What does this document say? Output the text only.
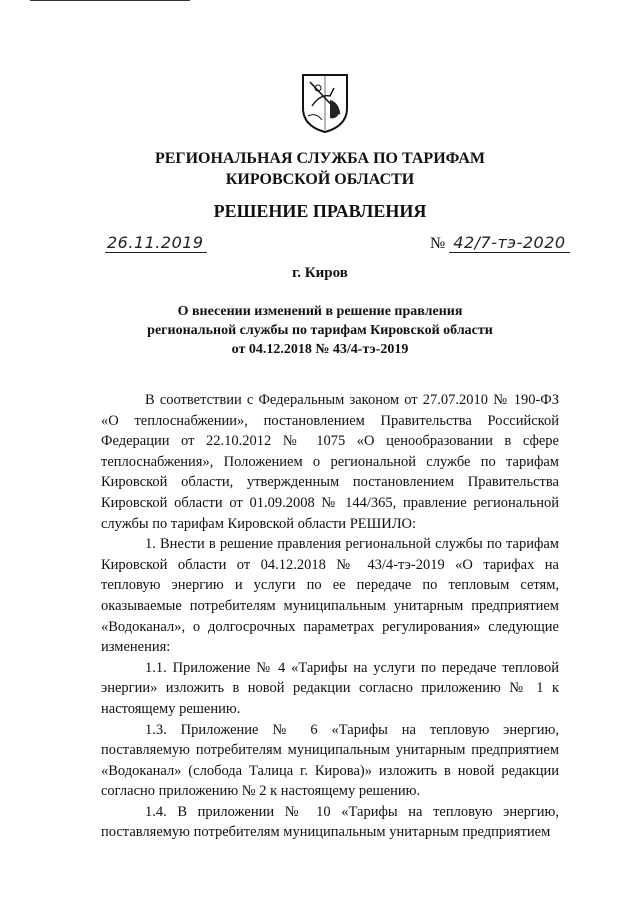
РЕГИОНАЛЬНАЯ СЛУЖБА ПО ТАРИФАМ
КИРОВСКОЙ ОБЛАСТИ
РЕШЕНИЕ ПРАВЛЕНИЯ
26.11.2019	№ 42/7-тэ-2020
г. Киров
О внесении изменений в решение правления
региональной службы по тарифам Кировской области
от 04.12.2018 № 43/4-тэ-2019

В соответствии с Федеральным законом от 27.07.2010 № 190-ФЗ «О теплоснабжении», постановлением Правительства Российской Федерации от 22.10.2012 № 1075 «О ценообразовании в сфере теплоснабжения», Положением о региональной службе по тарифам Кировской области, утвержденным постановлением Правительства Кировской области от 01.09.2008 № 144/365, правление региональной службы по тарифам Кировской области РЕШИЛО:

1. Внести в решение правления региональной службы по тарифам Кировской области от 04.12.2018 № 43/4-тэ-2019 «О тарифах на тепловую энергию и услуги по ее передаче по тепловым сетям, оказываемые потребителям муниципальным унитарным предприятием «Водоканал», о долгосрочных параметрах регулирования» следующие изменения:

1.1. Приложение № 4 «Тарифы на услуги по передаче тепловой энергии» изложить в новой редакции согласно приложению № 1 к настоящему решению.

1.3. Приложение № 6 «Тарифы на тепловую энергию, поставляемую потребителям муниципальным унитарным предприятием «Водоканал» (слобода Талица г. Кирова)» изложить в новой редакции согласно приложению № 2 к настоящему решению.

1.4. В приложении № 10 «Тарифы на тепловую энергию, поставляемую потребителям муниципальным унитарным предприятием
